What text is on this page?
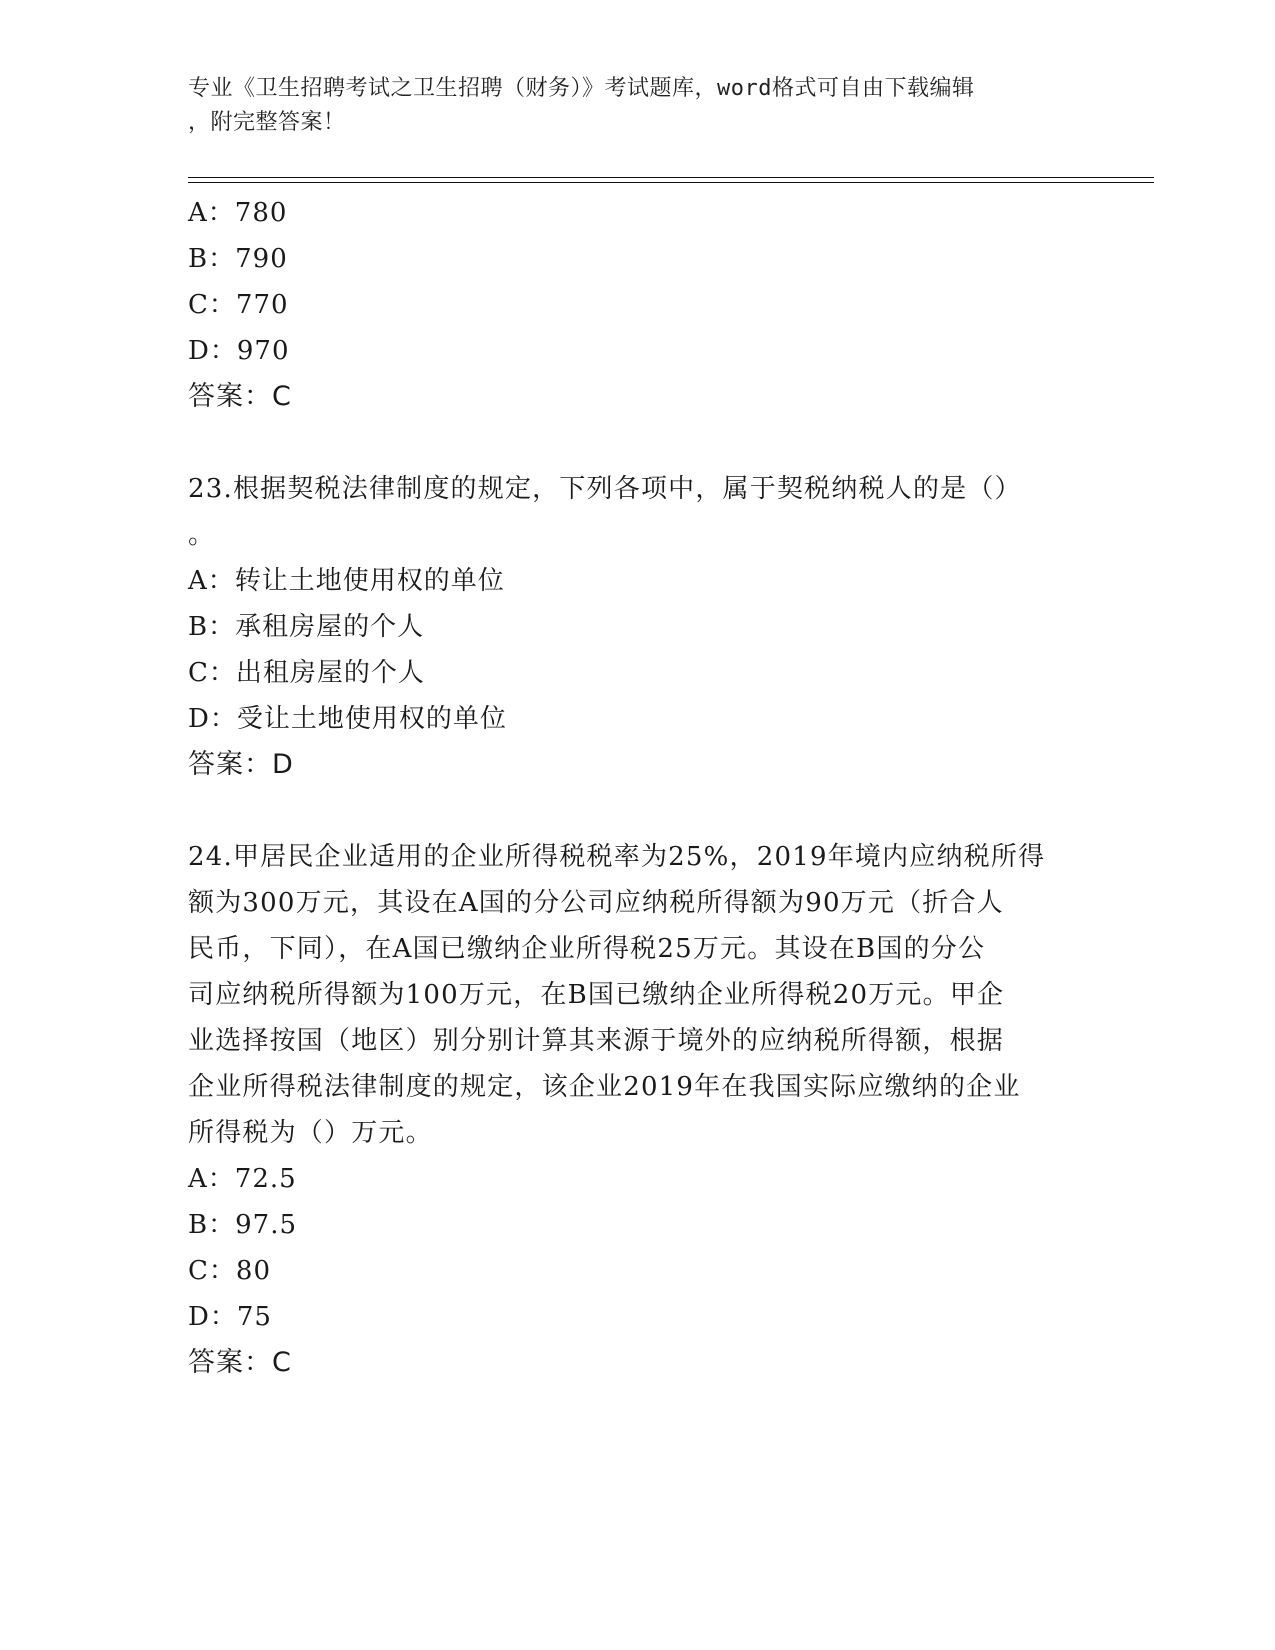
专业《卫生招聘考试之卫生招聘（财务）》考试题库，word格式可自由下载编辑
，附完整答案！
A：780
B：790
C：770
D：970
答案：C
23.根据契税法律制度的规定，下列各项中，属于契税纳税人的是（）
。
A：转让土地使用权的单位
B：承租房屋的个人
C：出租房屋的个人
D：受让土地使用权的单位
答案：D
24.甲居民企业适用的企业所得税税率为25%，2019年境内应纳税所得
额为300万元，其设在A国的分公司应纳税所得额为90万元（折合人
民币，下同），在A国已缴纳企业所得税25万元。其设在B国的分公
司应纳税所得额为100万元，在B国已缴纳企业所得税20万元。甲企
业选择按国（地区）别分别计算其来源于境外的应纳税所得额，根据
企业所得税法律制度的规定，该企业2019年在我国实际应缴纳的企业
所得税为（）万元。
A：72.5
B：97.5
C：80
D：75
答案：C
